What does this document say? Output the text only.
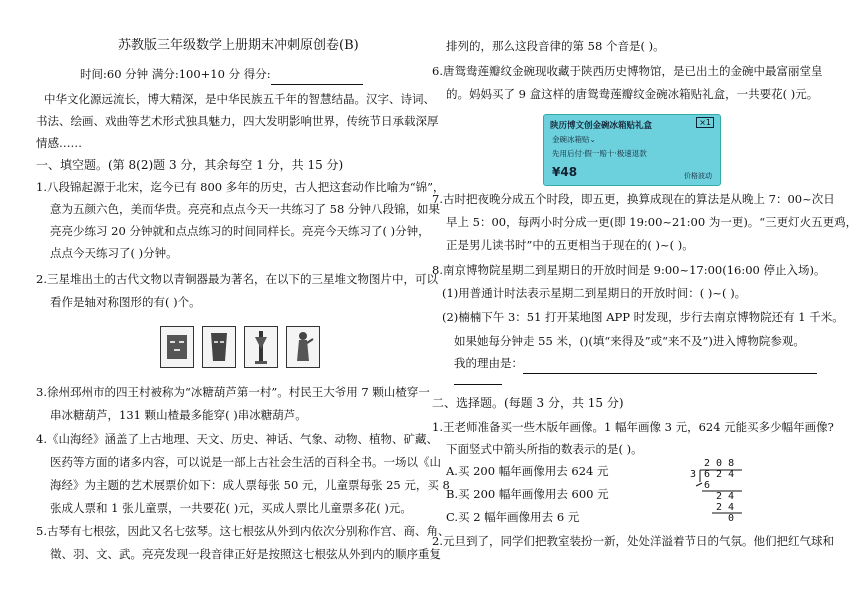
苏教版三年级数学上册期末冲刺原创卷(B)
时间:60 分钟 满分:100+10 分 得分:
中华文化源远流长，博大精深，是中华民族五千年的智慧结晶。汉字、诗词、
书法、绘画、戏曲等艺术形式独具魅力，四大发明影响世界，传统节日承载深厚
情感……
一、填空题。(第 8(2)题 3 分，其余每空 1 分，共 15 分)
1.八段锦起源于北宋，迄今已有 800 多年的历史，古人把这套动作比喻为“锦”，
意为五颜六色，美而华贵。亮亮和点点今天一共练习了 58 分钟八段锦，如果
亮亮少练习 20 分钟就和点点练习的时间同样长。亮亮今天练习了( )分钟，
点点今天练习了( )分钟。
2.三星堆出土的古代文物以青铜器最为著名，在以下的三星堆文物图片中，可以
看作是轴对称图形的有( )个。
3.徐州邳州市的四王村被称为“冰糖葫芦第一村”。村民王大爷用 7 颗山楂穿一
串冰糖葫芦，131 颗山楂最多能穿( )串冰糖葫芦。
4.《山海经》涵盖了上古地理、天文、历史、神话、气象、动物、植物、矿藏、
医药等方面的诸多内容，可以说是一部上古社会生活的百科全书。一场以《山
海经》为主题的艺术展票价如下：成人票每张 50 元，儿童票每张 25 元，买 8
张成人票和 1 张儿童票，一共要花( )元，买成人票比儿童票多花( )元。
5.古琴有七根弦，因此又名七弦琴。这七根弦从外到内依次分别称作宫、商、角、
徵、羽、文、武。亮亮发现一段音律正好是按照这七根弦从外到内的顺序重复
排列的，那么这段音律的第 58 个音是( )。
6.唐鸳鸯莲瓣纹金碗现收藏于陕西历史博物馆，是已出土的金碗中最富丽堂皇
的。妈妈买了 9 盒这样的唐鸳鸯莲瓣纹金碗冰箱贴礼盒，一共要花( )元。
陕历博文创金碗冰箱贴礼盒	×1
金碗冰箱贴⌄
先用后付·假一赔十·极速退款
¥48	价格波动
7.古时把夜晚分成五个时段，即五更，换算成现在的算法是从晚上 7：00~次日
早上 5：00，每两小时分成一更(即 19:00~21:00 为一更)。“三更灯火五更鸡，
正是男儿读书时”中的五更相当于现在的( )~( )。
8.南京博物院星期二到星期日的开放时间是 9:00~17:00(16:00 停止入场)。
(1)用普通计时法表示星期二到星期日的开放时间：( )~( )。
(2)楠楠下午 3：51 打开某地图 APP 时发现，步行去南京博物院还有 1 千米。
如果她每分钟走 55 米，()(填“来得及”或“来不及”)进入博物院参观。
我的理由是：
二、选择题。(每题 3 分，共 15 分)
1.王老师准备买一些木版年画像。1 幅年画像 3 元，624 元能买多少幅年画像?
下面竖式中箭头所指的数表示的是( )。
A.买 200 幅年画像用去 624 元
B.买 200 幅年画像用去 600 元
C.买 2 幅年画像用去 6 元
2.元旦到了，同学们把教室装扮一新，处处洋溢着节日的气氛。他们把红气球和
2 0 8
3 6 2 4
6
2 4
2 4
0
